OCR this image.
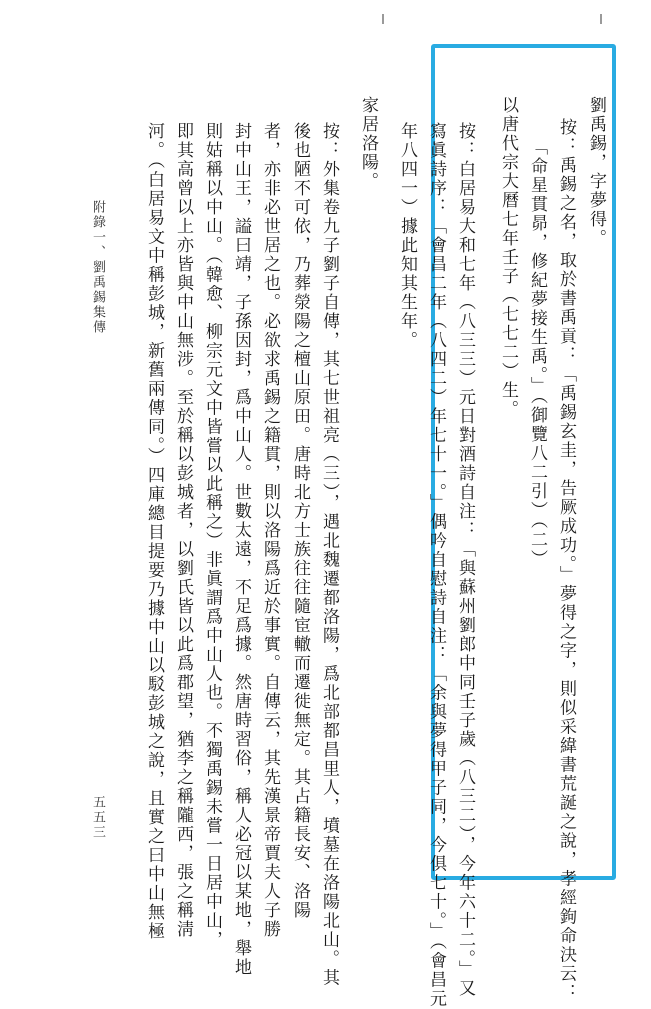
劉禹錫，字夢得。
按：禹錫之名，取於書禹貢：「禹錫玄圭，告厥成功。」夢得之字，則似采緯書荒誕之說，孝經鉤命決云：
「命星貫昴，修紀夢接生禹。」（御覽八二引）（二）
以唐代宗大曆七年壬子（七七二）生。
按：白居易大和七年（八三三）元日對酒詩自注：「與蘇州劉郎中同壬子歲（八三二），今年六十二。」又
寫眞詩序：「會昌二年（八四二）年七十一。」偶吟自慰詩自注：「余與夢得甲子同，今俱七十。」（會昌元
年八四一）據此知其生年。
家居洛陽。
按：外集卷九子劉子自傳，其七世祖亮（三），遇北魏遷都洛陽，爲北部都昌里人，墳墓在洛陽北山。其
後也陋不可依，乃葬滎陽之檀山原田。唐時北方士族往往隨宦轍而遷徙無定。其占籍長安、洛陽
者，亦非必世居之也。必欲求禹錫之籍貫，則以洛陽爲近於事實。自傳云，其先漢景帝賈夫人子勝
封中山王，謚曰靖，子孫因封，爲中山人。世數太遠，不足爲據。然唐時習俗，稱人必冠以某地，舉地
則姑稱以中山。（韓愈、柳宗元文中皆嘗以此稱之）非眞謂爲中山人也。不獨禹錫未嘗一日居中山，
即其高曾以上亦皆與中山無涉。至於稱以彭城者，以劉氏皆以此爲郡望，猶李之稱隴西，張之稱淸
河。（白居易文中稱彭城，新舊兩傳同。）四庫總目提要乃據中山以駁彭城之說，且實之曰中山無極
附錄一、劉禹錫集傳
五五三
